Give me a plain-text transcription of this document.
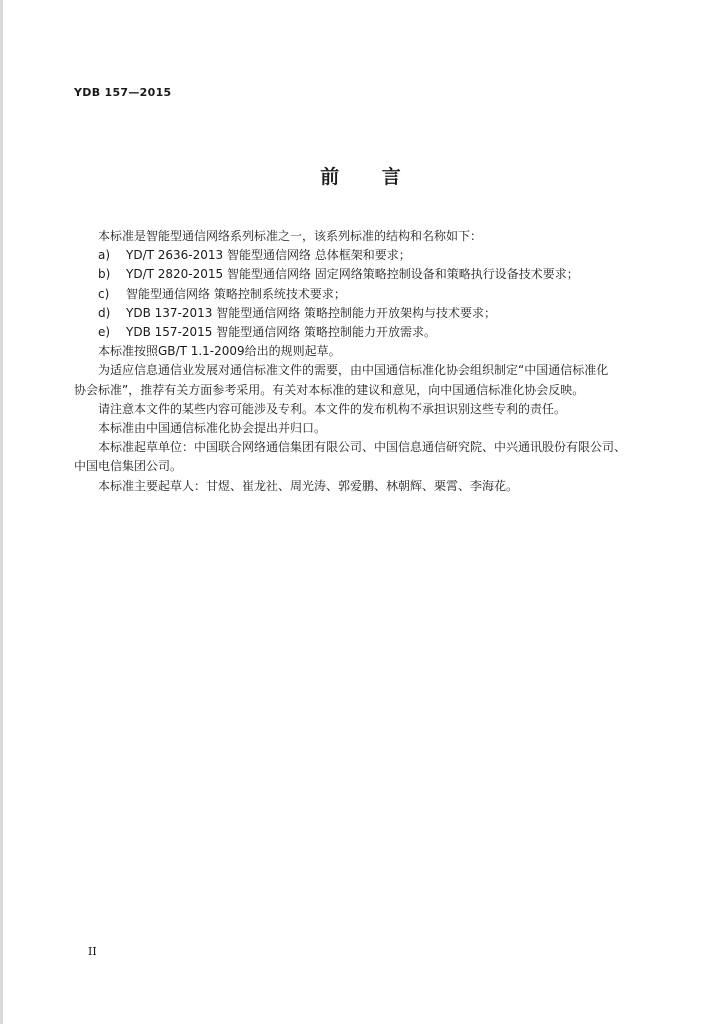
YDB 157—2015
前 言

本标准是智能型通信网络系列标准之一，该系列标准的结构和名称如下：

a)	YD/T 2636-2013 智能型通信网络 总体框架和要求；
b)	YD/T 2820-2015 智能型通信网络 固定网络策略控制设备和策略执行设备技术要求；
c)	智能型通信网络 策略控制系统技术要求；
d)	YDB 137-2013 智能型通信网络 策略控制能力开放架构与技术要求；
e)	YDB 157-2015 智能型通信网络 策略控制能力开放需求。

本标准按照GB/T 1.1-2009给出的规则起草。

为适应信息通信业发展对通信标准文件的需要，由中国通信标准化协会组织制定“中国通信标准化

协会标准”，推荐有关方面参考采用。有关对本标准的建议和意见，向中国通信标准化协会反映。

请注意本文件的某些内容可能涉及专利。本文件的发布机构不承担识别这些专利的责任。

本标准由中国通信标准化协会提出并归口。

本标准起草单位：中国联合网络通信集团有限公司、中国信息通信研究院、中兴通讯股份有限公司、

中国电信集团公司。

本标准主要起草人：甘煜、崔龙社、周光涛、郭爱鹏、林朝辉、栗霄、李海花。

II
